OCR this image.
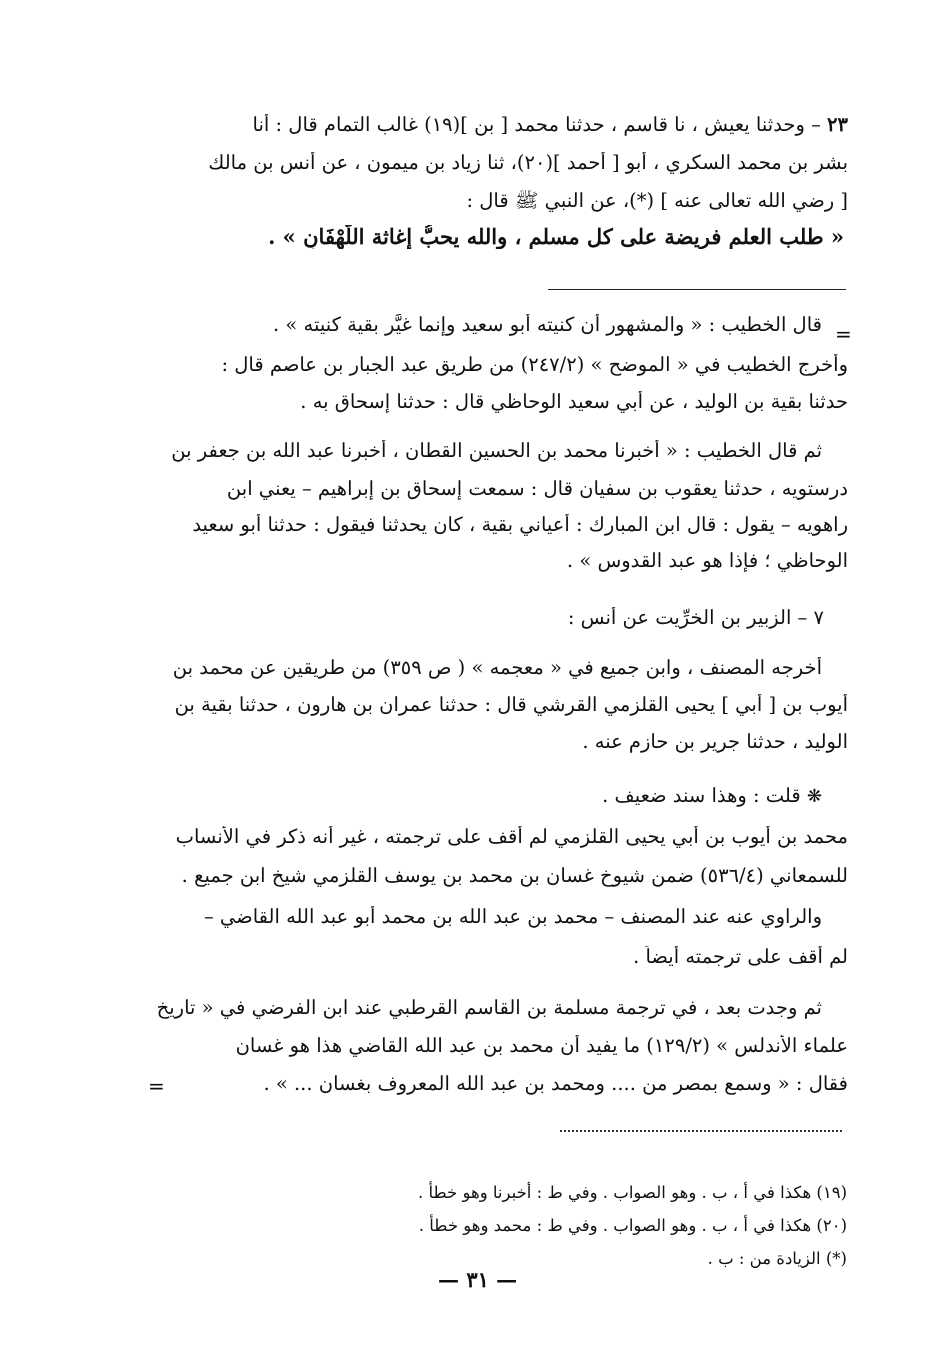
٢٣ – وحدثنا يعيش ، نا قاسم ، حدثنا محمد [ بن ](١٩) غالب التمام قال : أنا
بشر بن محمد السكري ، أبو [ أحمد ](٢٠)، ثنا زياد بن ميمون ، عن أنس بن مالك
[ رضي الله تعالى عنه ] (*)، عن النبي ﷺ قال :
« طلب العلم فريضة على كل مسلم ، والله يحبُّ إغاثة اللَّهْفَانِ » .
=
قال الخطيب : « والمشهور أن كنيته أبو سعيد وإنما غيَّر بقية كنيته » .
وأخرج الخطيب في « الموضح » (٢٤٧/٢) من طريق عبد الجبار بن عاصم قال :
حدثنا بقية بن الوليد ، عن أبي سعيد الوحاظي قال : حدثنا إسحاق به .
ثم قال الخطيب : « أخبرنا محمد بن الحسين القطان ، أخبرنا عبد الله بن جعفر بن
درستويه ، حدثنا يعقوب بن سفيان قال : سمعت إسحاق بن إبراهيم – يعني ابن
راهويه – يقول : قال ابن المبارك : أعياني بقية ، كان يحدثنا فيقول : حدثنا أبو سعيد
الوحاظي ؛ فإذا هو عبد القدوس » .
٧ – الزبير بن الخرِّيت عن أنس :
أخرجه المصنف ، وابن جميع في « معجمه » ( ص ٣٥٩) من طريقين عن محمد بن
أيوب بن [ أبي ] يحيى القلزمي القرشي قال : حدثنا عمران بن هارون ، حدثنا بقية بن
الوليد ، حدثنا جرير بن حازم عنه .
❋ قلت : وهذا سند ضعيف .
محمد بن أيوب بن أبي يحيى القلزمي لم أقف على ترجمته ، غير أنه ذكر في الأنساب
للسمعاني (٥٣٦/٤) ضمن شيوخ غسان بن محمد بن يوسف القلزمي شيخ ابن جميع .
والراوي عنه عند المصنف – محمد بن عبد الله بن محمد أبو عبد الله القاضي –
لم أقف على ترجمته أيضاً .
ثم وجدت بعد ، في ترجمة مسلمة بن القاسم القرطبي عند ابن الفرضي في « تاريخ
علماء الأندلس » (١٢٩/٢) ما يفيد أن محمد بن عبد الله القاضي هذا هو غسان
فقال : « وسمع بمصر من .... ومحمد بن عبد الله المعروف بغسان ... » .
=
(١٩) هكذا في أ ، ب . وهو الصواب . وفي ط : أخبرنا وهو خطأ .
(٢٠) هكذا في أ ، ب . وهو الصواب . وفي ط : محمد وهو خطأ .
(*) الزيادة من : ب .
— ٣١ —
